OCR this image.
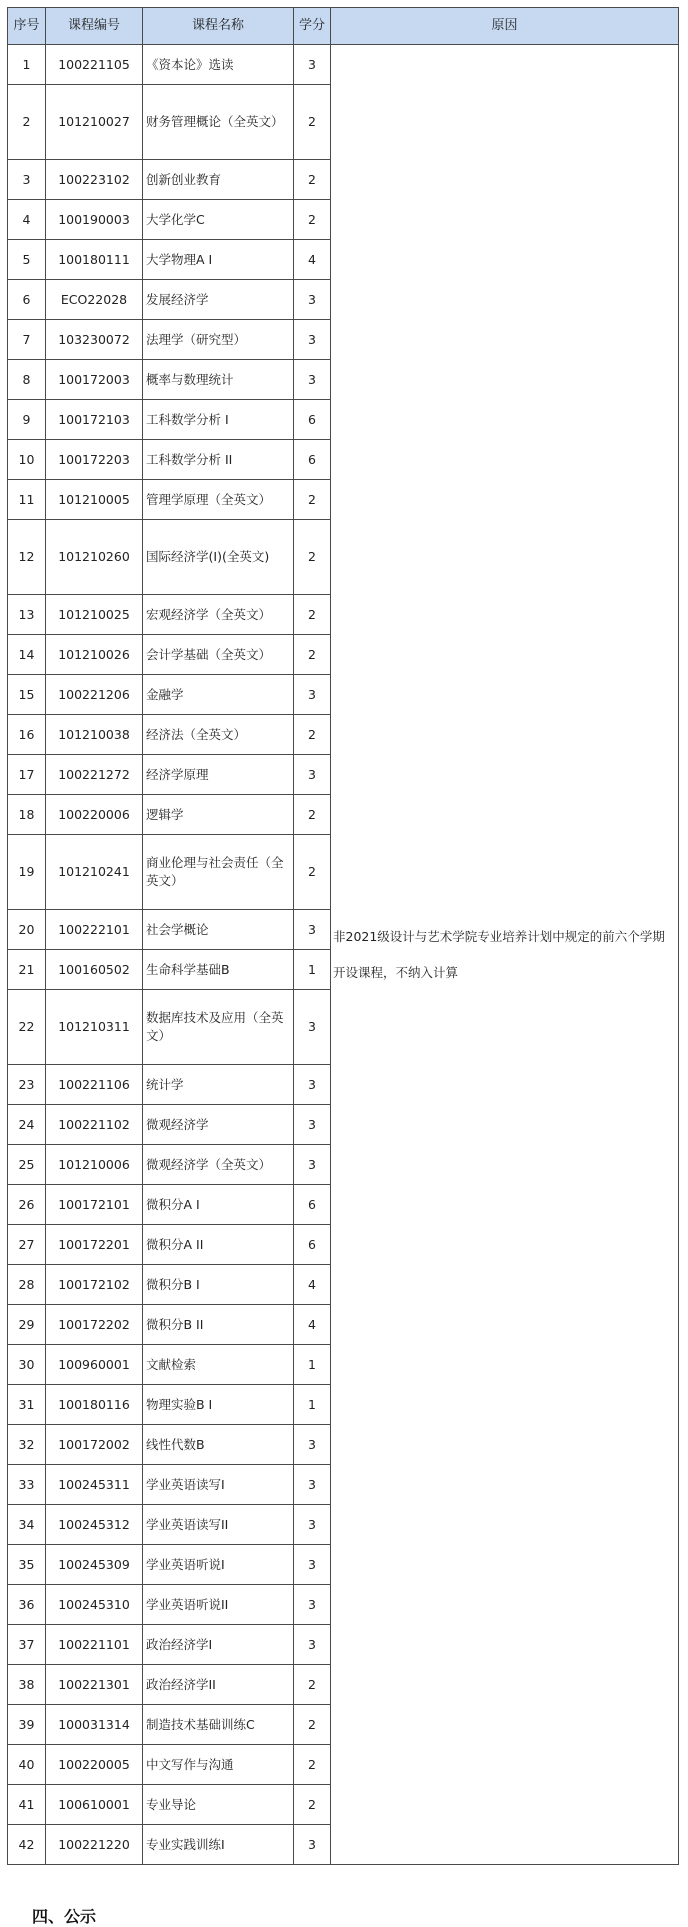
序号	课程编号	课程名称	学分	原因
1	100221105	《资本论》选读	3	非2021级设计与艺术学院专业培养计划中规定的前六个学期开设课程，不纳入计算
2	101210027	财务管理概论（全英文）	2	
3	100223102	创新创业教育	2	
4	100190003	大学化学C	2	
5	100180111	大学物理A I	4	
6	ECO22028	发展经济学	3	
7	103230072	法理学（研究型）	3	
8	100172003	概率与数理统计	3	
9	100172103	工科数学分析 I	6	
10	100172203	工科数学分析 II	6	
11	101210005	管理学原理（全英文）	2	
12	101210260	国际经济学(Ⅰ)(全英文)	2	
13	101210025	宏观经济学（全英文）	2	
14	101210026	会计学基础（全英文）	2	
15	100221206	金融学	3	
16	101210038	经济法（全英文）	2	
17	100221272	经济学原理	3	
18	100220006	逻辑学	2	
19	101210241	商业伦理与社会责任（全英文）	2	
20	100222101	社会学概论	3	
21	100160502	生命科学基础B	1	
22	101210311	数据库技术及应用（全英文）	3	
23	100221106	统计学	3	
24	100221102	微观经济学	3	
25	101210006	微观经济学（全英文）	3	
26	100172101	微积分A I	6	
27	100172201	微积分A II	6	
28	100172102	微积分B I	4	
29	100172202	微积分B II	4	
30	100960001	文献检索	1	
31	100180116	物理实验B I	1	
32	100172002	线性代数B	3	
33	100245311	学业英语读写I	3	
34	100245312	学业英语读写II	3	
35	100245309	学业英语听说I	3	
36	100245310	学业英语听说II	3	
37	100221101	政治经济学I	3	
38	100221301	政治经济学II	2	
39	100031314	制造技术基础训练C	2	
40	100220005	中文写作与沟通	2	
41	100610001	专业导论	2	
42	100221220	专业实践训练I	3	
四、公示
